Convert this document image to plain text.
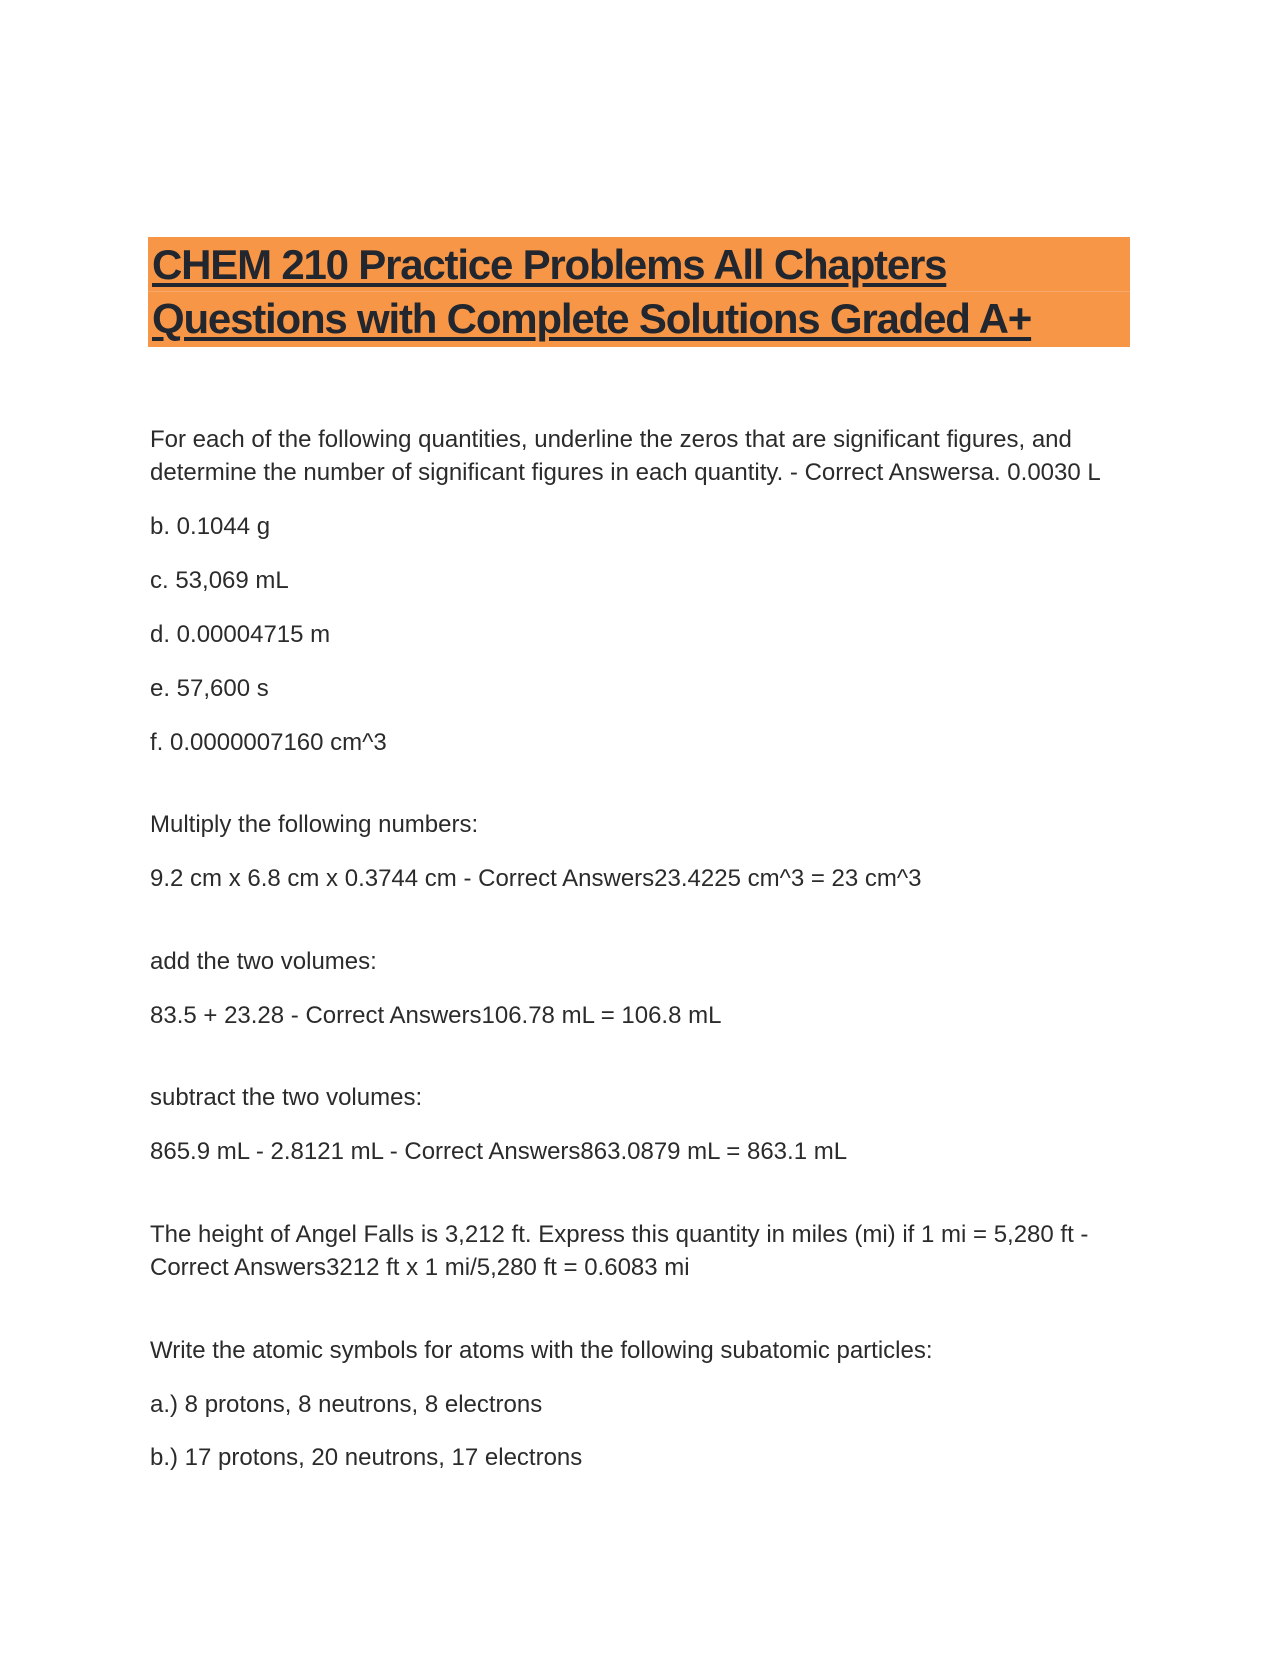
CHEM 210 Practice Problems All Chapters
Questions with Complete Solutions Graded A+

For each of the following quantities, underline the zeros that are significant figures, and

determine the number of significant figures in each quantity. - Correct Answersa. 0.0030 L

b. 0.1044 g

c. 53,069 mL

d. 0.00004715 m

e. 57,600 s

f. 0.0000007160 cm^3

Multiply the following numbers:

9.2 cm x 6.8 cm x 0.3744 cm - Correct Answers23.4225 cm^3 = 23 cm^3

add the two volumes:

83.5 + 23.28 - Correct Answers106.78 mL = 106.8 mL

subtract the two volumes:

865.9 mL - 2.8121 mL - Correct Answers863.0879 mL = 863.1 mL

The height of Angel Falls is 3,212 ft. Express this quantity in miles (mi) if 1 mi = 5,280 ft -

Correct Answers3212 ft x 1 mi/5,280 ft = 0.6083 mi

Write the atomic symbols for atoms with the following subatomic particles:

a.) 8 protons, 8 neutrons, 8 electrons

b.) 17 protons, 20 neutrons, 17 electrons
